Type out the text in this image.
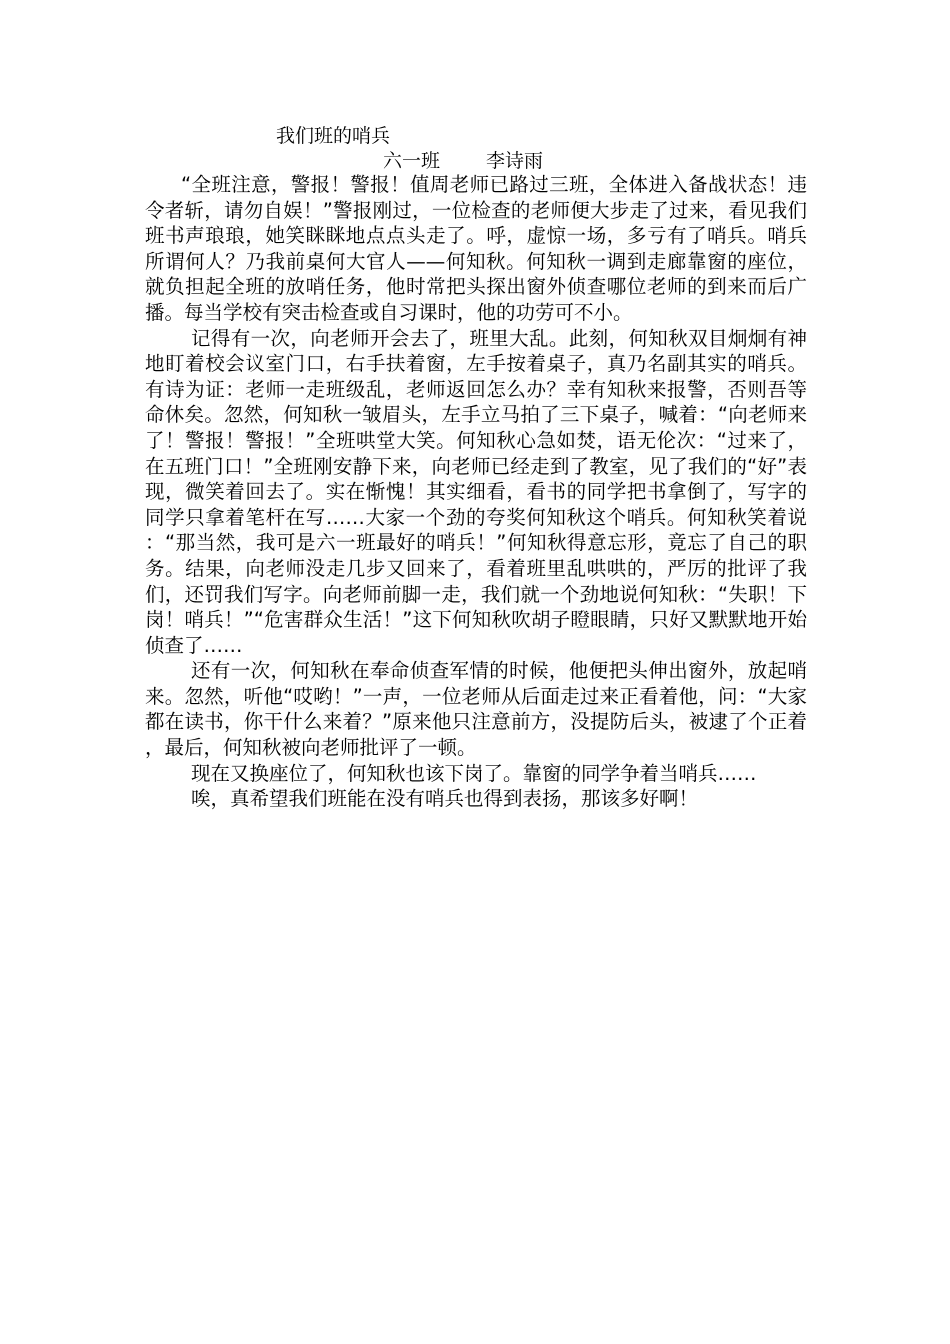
我们班的哨兵
六一班 李诗雨

“全班注意，警报！警报！值周老师已路过三班，全体进入备战状态！违令者斩，请勿自娱！”警报刚过，一位检查的老师便大步走了过来，看见我们班书声琅琅，她笑眯眯地点点头走了。呼，虚惊一场，多亏有了哨兵。哨兵所谓何人？乃我前桌何大官人——何知秋。何知秋一调到走廊靠窗的座位，就负担起全班的放哨任务，他时常把头探出窗外侦查哪位老师的到来而后广播。每当学校有突击检查或自习课时，他的功劳可不小。

记得有一次，向老师开会去了，班里大乱。此刻，何知秋双目炯炯有神地盯着校会议室门口，右手扶着窗，左手按着桌子，真乃名副其实的哨兵。有诗为证：老师一走班级乱，老师返回怎么办？幸有知秋来报警，否则吾等命休矣。忽然，何知秋一皱眉头，左手立马拍了三下桌子，喊着：“向老师来了！警报！警报！”全班哄堂大笑。何知秋心急如焚，语无伦次：“过来了，在五班门口！”全班刚安静下来，向老师已经走到了教室，见了我们的“好”表现，微笑着回去了。实在惭愧！其实细看，看书的同学把书拿倒了，写字的同学只拿着笔杆在写……大家一个劲的夸奖何知秋这个哨兵。何知秋笑着说：“那当然，我可是六一班最好的哨兵！”何知秋得意忘形，竟忘了自己的职务。结果，向老师没走几步又回来了，看着班里乱哄哄的，严厉的批评了我们，还罚我们写字。向老师前脚一走，我们就一个劲地说何知秋：“失职！下岗！哨兵！”“危害群众生活！”这下何知秋吹胡子瞪眼睛，只好又默默地开始侦查了……

还有一次，何知秋在奉命侦查军情的时候，他便把头伸出窗外，放起哨来。忽然，听他“哎哟！”一声，一位老师从后面走过来正看着他，问：“大家都在读书，你干什么来着？”原来他只注意前方，没提防后头，被逮了个正着，最后，何知秋被向老师批评了一顿。

现在又换座位了，何知秋也该下岗了。靠窗的同学争着当哨兵……

唉，真希望我们班能在没有哨兵也得到表扬，那该多好啊！
